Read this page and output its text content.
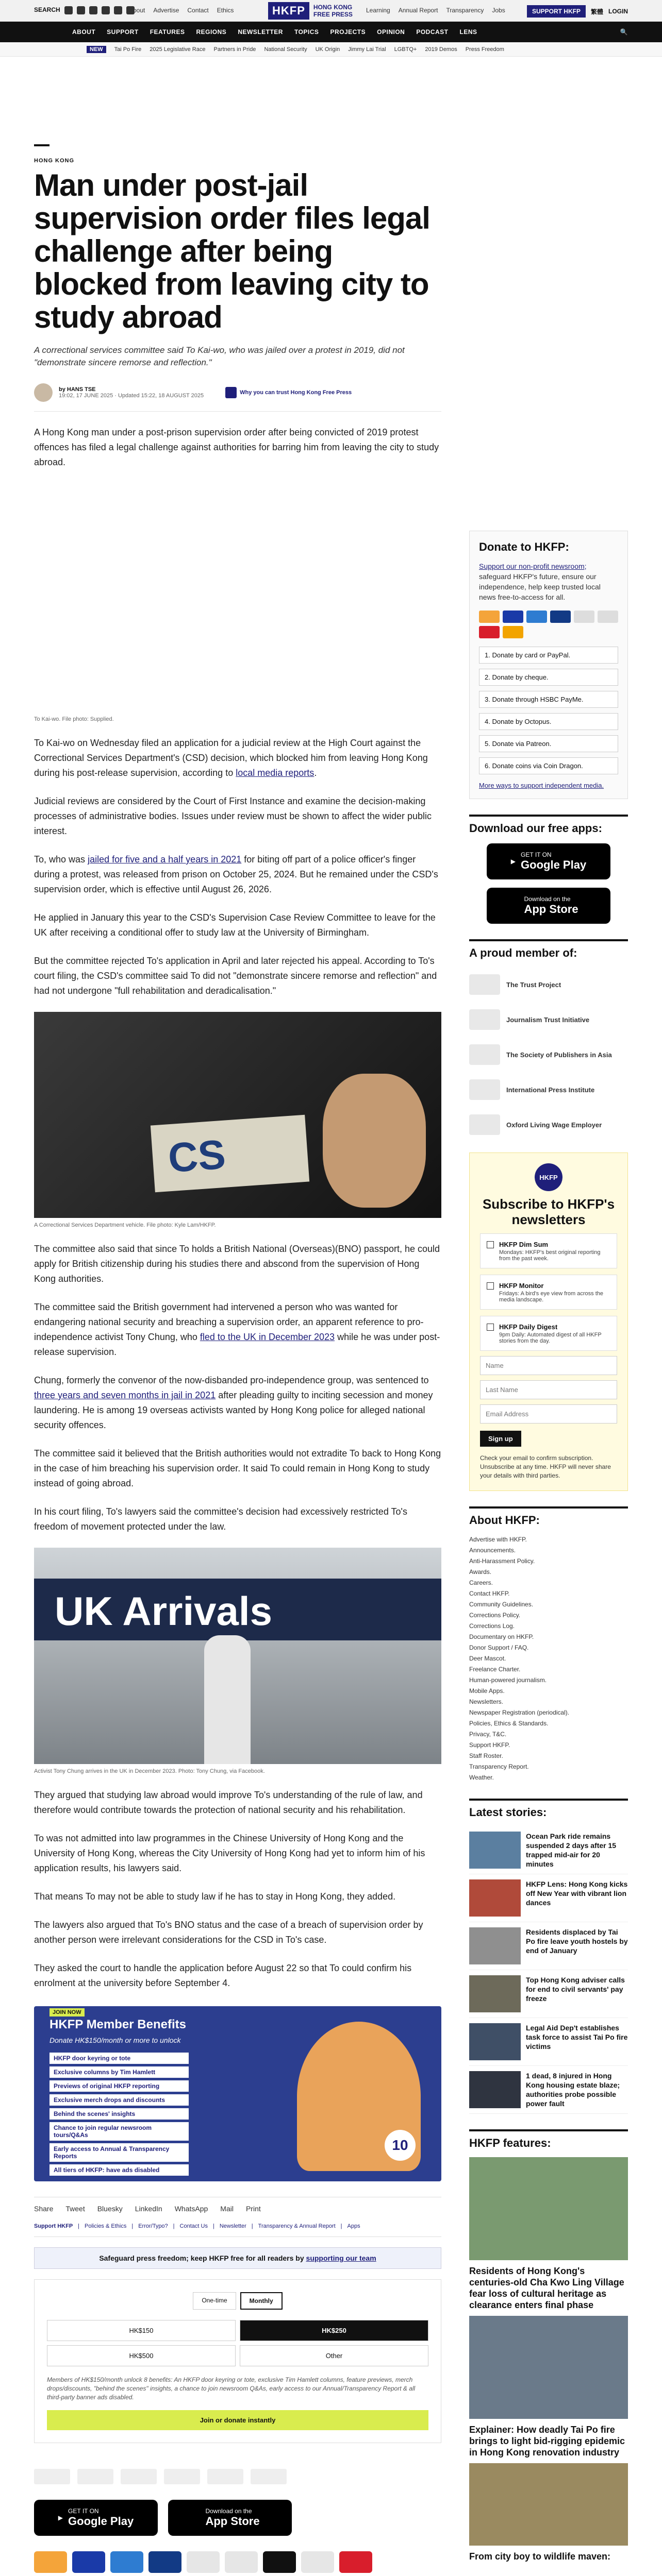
SEARCH	About Advertise Contact Ethics	HKFP	HONG KONG
FREE PRESS
Learning Annual Report Transparency Jobs	SUPPORT HKFP	繁體 LOGIN
ABOUT SUPPORT FEATURES REGIONS NEWSLETTER TOPICS PROJECTS OPINION PODCAST LENS	🔍
NEW	Tai Po Fire 2025 Legislative Race Partners in Pride National Security UK Origin Jimmy Lai Trial LGBTQ+ 2019 Demos Press Freedom
HONG KONG
Man under post-jail supervision order files legal challenge after being blocked from leaving city to study abroad

A correctional services committee said To Kai-wo, who was jailed over a protest in 2019, did not "demonstrate sincere remorse and reflection."

by HANS TSE
19:02, 17 JUNE 2025 · Updated 15:22, 18 AUGUST 2025	Why you can trust Hong Kong Free Press

A Hong Kong man under a post-prison supervision order after being convicted of 2019 protest offences has filed a legal challenge against authorities for barring him from leaving the city to study abroad.

To Kai-wo. File photo: Supplied.

To Kai-wo on Wednesday filed an application for a judicial review at the High Court against the Correctional Services Department's (CSD) decision, which blocked him from leaving Hong Kong during his post-release supervision, according to local media reports.

Judicial reviews are considered by the Court of First Instance and examine the decision-making processes of administrative bodies. Issues under review must be shown to affect the wider public interest.

To, who was jailed for five and a half years in 2021 for biting off part of a police officer's finger during a protest, was released from prison on October 25, 2024. But he remained under the CSD's supervision order, which is effective until August 26, 2026.

He applied in January this year to the CSD's Supervision Case Review Committee to leave for the UK after receiving a conditional offer to study law at the University of Birmingham.

But the committee rejected To's application in April and later rejected his appeal. According to To's court filing, the CSD's committee said To did not "demonstrate sincere remorse and reflection" and had not undergone "full rehabilitation and deradicalisation."

CS
A Correctional Services Department vehicle. File photo: Kyle Lam/HKFP.

The committee also said that since To holds a British National (Overseas)(BNO) passport, he could apply for British citizenship during his studies there and abscond from the supervision of Hong Kong authorities.

The committee said the British government had intervened a person who was wanted for endangering national security and breaching a supervision order, an apparent reference to pro-independence activist Tony Chung, who fled to the UK in December 2023 while he was under post-release supervision.

Chung, formerly the convenor of the now-disbanded pro-independence group, was sentenced to three years and seven months in jail in 2021 after pleading guilty to inciting secession and money laundering. He is among 19 overseas activists wanted by Hong Kong police for alleged national security offences.

The committee said it believed that the British authorities would not extradite To back to Hong Kong in the case of him breaching his supervision order. It said To could remain in Hong Kong to study instead of going abroad.

In his court filing, To's lawyers said the committee's decision had excessively restricted To's freedom of movement protected under the law.

UK Arrivals
Activist Tony Chung arrives in the UK in December 2023. Photo: Tony Chung, via Facebook.

They argued that studying law abroad would improve To's understanding of the rule of law, and therefore would contribute towards the protection of national security and his rehabilitation.

To was not admitted into law programmes in the Chinese University of Hong Kong and the University of Hong Kong, whereas the City University of Hong Kong had yet to inform him of his application results, his lawyers said.

That means To may not be able to study law if he has to stay in Hong Kong, they added.

The lawyers also argued that To's BNO status and the case of a breach of supervision order by another person were irrelevant considerations for the CSD in To's case.

They asked the court to handle the application before August 22 so that To could confirm his enrolment at the university before September 4.

JOIN NOW
HKFP Member Benefits
Donate HK$150/month or more to unlock
HKFP door keyring or tote
Exclusive columns by Tim Hamlett
Previews of original HKFP reporting
Exclusive merch drops and discounts
Behind the scenes' insights
Chance to join regular newsroom tours/Q&As
Early access to Annual & Transparency Reports
All tiers of HKFP: have ads disabled
10
Share Tweet Bluesky LinkedIn WhatsApp Mail Print
Support HKFP | Policies & Ethics | Error/Typo? | Contact Us | Newsletter | Transparency & Annual Report | Apps
Safeguard press freedom; keep HKFP free for all readers by supporting our team
One-time	Monthly
HK$150	HK$250
HK$500	Other

Members of HK$150/month unlock 8 benefits: An HKFP door keyring or tote, exclusive Tim Hamlett columns, feature previews, merch drops/discounts, "behind the scenes" insights, a chance to join newsroom Q&As, early access to our Annual/Transparency Report & all third-party banner ads disabled.

Join or donate instantly
▶
GET IT ON
Google Play
Download on the
App Store
Donate to HKFP:

Support our non-profit newsroom; safeguard HKFP's future, ensure our independence, help keep trusted local news free-to-access for all.

1. Donate by card or PayPal.
2. Donate by cheque.
3. Donate through HSBC PayMe.
4. Donate by Octopus.
5. Donate via Patreon.
6. Donate coins via Coin Dragon.
More ways to support independent media.
Download our free apps:
▶
GET IT ON
Google Play
Download on the
App Store
A proud member of:
The Trust Project
Journalism Trust Initiative
The Society of Publishers in Asia
International Press Institute
Oxford Living Wage Employer
HKFP
Subscribe to HKFP's newsletters
HKFP Dim Sum
Mondays: HKFP's best original reporting from the past week.
HKFP Monitor
Fridays: A bird's eye view from across the media landscape.
HKFP Daily Digest
9pm Daily: Automated digest of all HKFP stories from the day.
Name
Last Name
Email Address
Sign up

Check your email to confirm subscription. Unsubscribe at any time. HKFP will never share your details with third parties.

About HKFP:
Advertise with HKFP.
Announcements.
Anti-Harassment Policy.
Awards.
Careers.
Contact HKFP.
Community Guidelines.
Corrections Policy.
Corrections Log.
Documentary on HKFP.
Donor Support / FAQ.
Deer Mascot.
Freelance Charter.
Human-powered journalism.
Mobile Apps.
Newsletters.
Newspaper Registration (periodical).
Policies, Ethics & Standards.
Privacy, T&C.
Support HKFP.
Staff Roster.
Transparency Report.
Weather.
Latest stories:
Ocean Park ride remains suspended 2 days after 15 trapped mid-air for 20 minutes
HKFP Lens: Hong Kong kicks off New Year with vibrant lion dances
Residents displaced by Tai Po fire leave youth hostels by end of January
Top Hong Kong adviser calls for end to civil servants' pay freeze
Legal Aid Dep't establishes task force to assist Tai Po fire victims
1 dead, 8 injured in Hong Kong housing estate blaze; authorities probe possible power fault
HKFP features:
Residents of Hong Kong's centuries-old Cha Kwo Ling Village fear loss of cultural heritage as clearance enters final phase
Explainer: How deadly Tai Po fire brings to light bid-rigging epidemic in Hong Kong renovation industry
From city boy to wildlife maven:
